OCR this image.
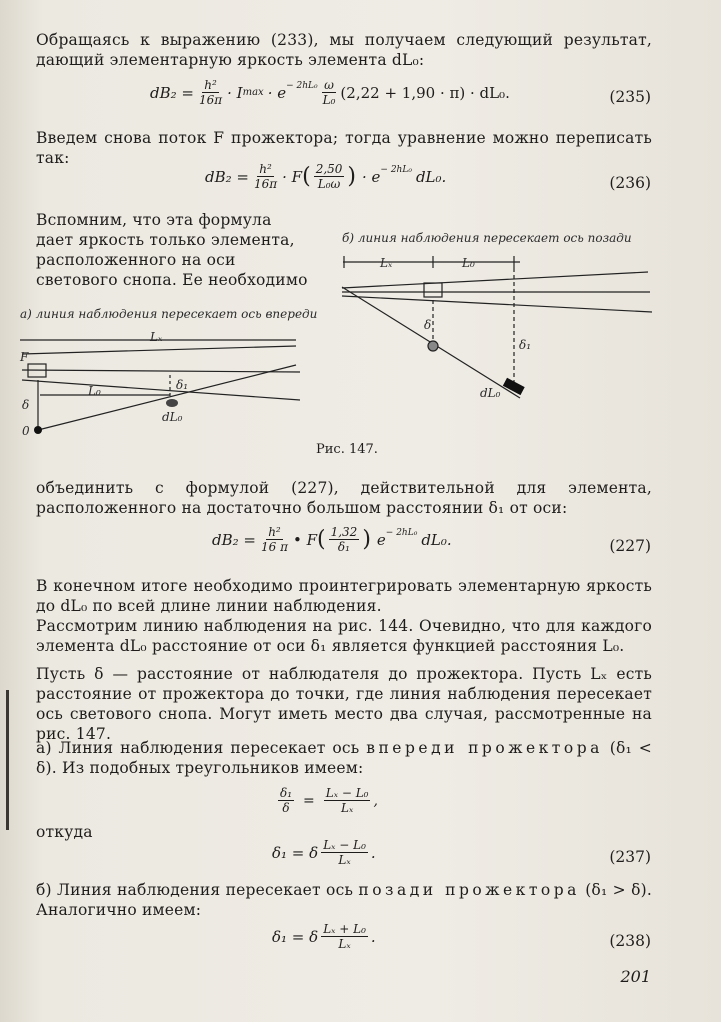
Обращаясь к выражению (233), мы получаем следующий результат, дающий элементарную яркость элемента dL₀:
$dB_2 = \frac{\text{h²}}{16\pi} \cdot I$ $\max \cdot e^{- 2hL_0} \frac{\omega}{\text{L₀}} (2,22 + 1,90 \cdot \pi) \cdot dL_0$.	(235)
Введем снова поток F прожектора; тогда уравнение можно переписать так:
$dB_2 = \frac{\text{h²}}{16\pi} \cdot F$ ( $\frac{2,50}{\text{L₀ω}}$ ) · $e^{- 2hL_0}$ dL₀.	(236)
Вспомним, что эта формула дает яркость только элемента, расположенного на оси светового снопа. Ее необходимо
б) линия наблюдения пересекает ось позади
а) линия наблюдения пересекает ось впереди
Lₓ	L₀
δ
δ₁
dL₀
Lₓ
L₀
F
δ
δ₁
dL₀
0
Рис. 147.
объединить с формулой (227), действительной для элемента, расположенного на достаточно большом расстоянии δ₁ от оси:
$dB_2 = \frac{\text{h²}}{16 \pi}$ • F ( $\frac{1,32}{\text{δ₁}}$ ) $e^{- 2hL_0}$ dL₀.	(227)
В конечном итоге необходимо проинтегрировать элементарную яркость до dL₀ по всей длине линии наблюдения.
Рассмотрим линию наблюдения на рис. 144. Очевидно, что для каждого элемента dL₀ расстояние от оси δ₁ является функцией расстояния L₀.
Пусть δ — расстояние от наблюдателя до прожектора. Пусть Lₓ есть расстояние от прожектора до точки, где линия наблюдения пересекает ось светового снопа. Могут иметь место два случая, рассмотренные на рис. 147.
а) Линия наблюдения пересекает ось впереди прожектора (δ₁ < δ). Из подобных треугольников имеем:
$\frac{\text{δ₁}}{\delta} = \frac{\text{Lₓ − L₀}}{\text{Lₓ}}$ ,
откуда
δ₁ = δ $\frac{\text{Lₓ − L₀}}{\text{Lₓ}}$ .	(237)
б) Линия наблюдения пересекает ось позади прожектора (δ₁ > δ). Аналогично имеем:
δ₁ = δ $\frac{\text{Lₓ + L₀}}{\text{Lₓ}}$ .	(238)
201
